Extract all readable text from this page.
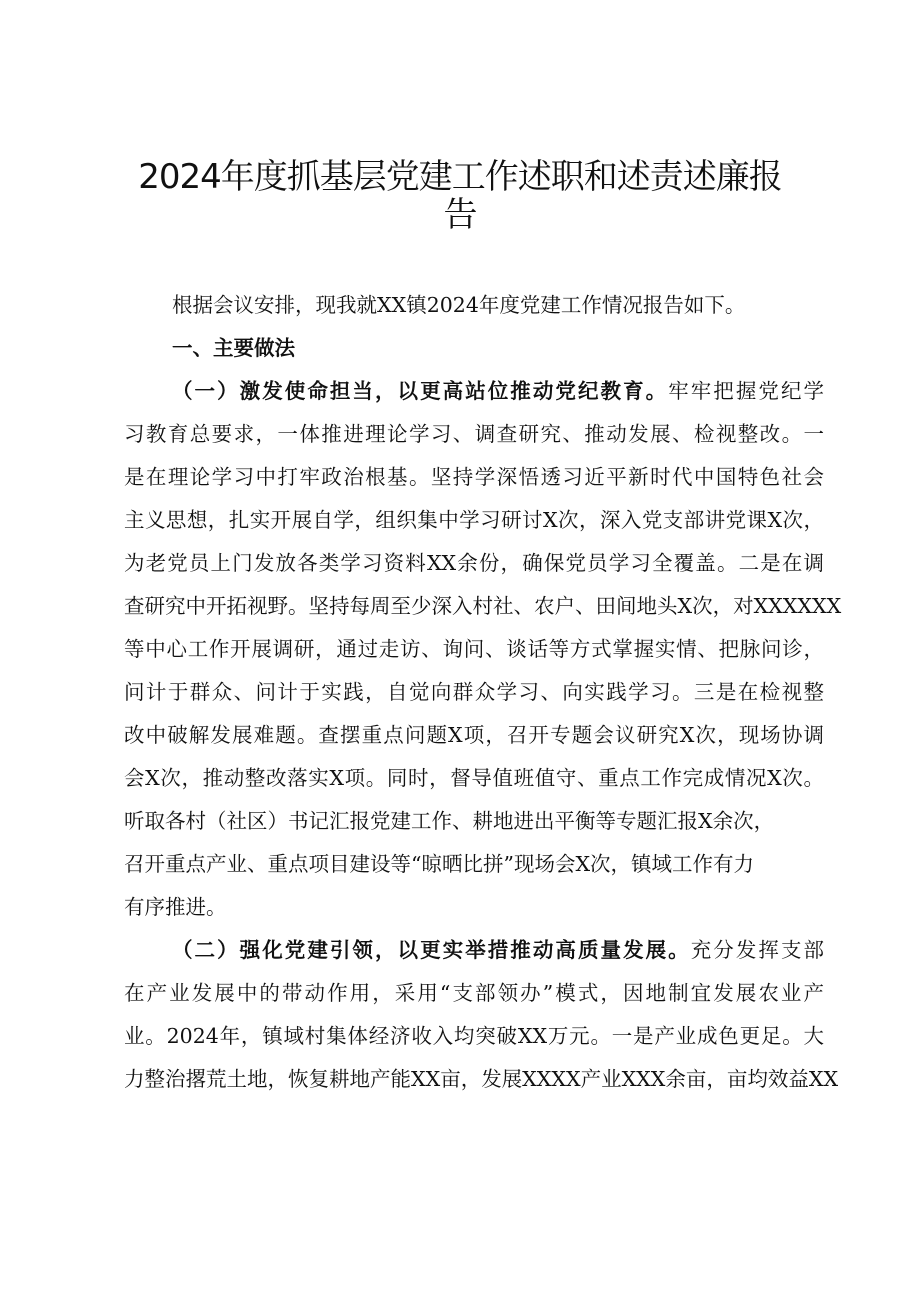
2024年度抓基层党建工作述职和述责述廉报
告
根据会议安排，现我就XX镇2024年度党建工作情况报告如下。
一、主要做法
（一）激发使命担当，以更高站位推动党纪教育。牢牢把握党纪学
习教育总要求，一体推进理论学习、调查研究、推动发展、检视整改。一
是在理论学习中打牢政治根基。坚持学深悟透习近平新时代中国特色社会
主义思想，扎实开展自学，组织集中学习研讨X次，深入党支部讲党课X次，
为老党员上门发放各类学习资料XX余份，确保党员学习全覆盖。二是在调
查研究中开拓视野。坚持每周至少深入村社、农户、田间地头X次，对XXXXXX
等中心工作开展调研，通过走访、询问、谈话等方式掌握实情、把脉问诊，
问计于群众、问计于实践，自觉向群众学习、向实践学习。三是在检视整
改中破解发展难题。查摆重点问题X项，召开专题会议研究X次，现场协调
会X次，推动整改落实X项。同时，督导值班值守、重点工作完成情况X次。
听取各村（社区）书记汇报党建工作、耕地进出平衡等专题汇报X余次，
召开重点产业、重点项目建设等“晾晒比拼”现场会X次，镇域工作有力
有序推进。
（二）强化党建引领，以更实举措推动高质量发展。充分发挥支部
在产业发展中的带动作用，采用“支部领办”模式，因地制宜发展农业产
业。2024年，镇域村集体经济收入均突破XX万元。一是产业成色更足。大
力整治撂荒土地，恢复耕地产能XX亩，发展XXXX产业XXX余亩，亩均效益XX
